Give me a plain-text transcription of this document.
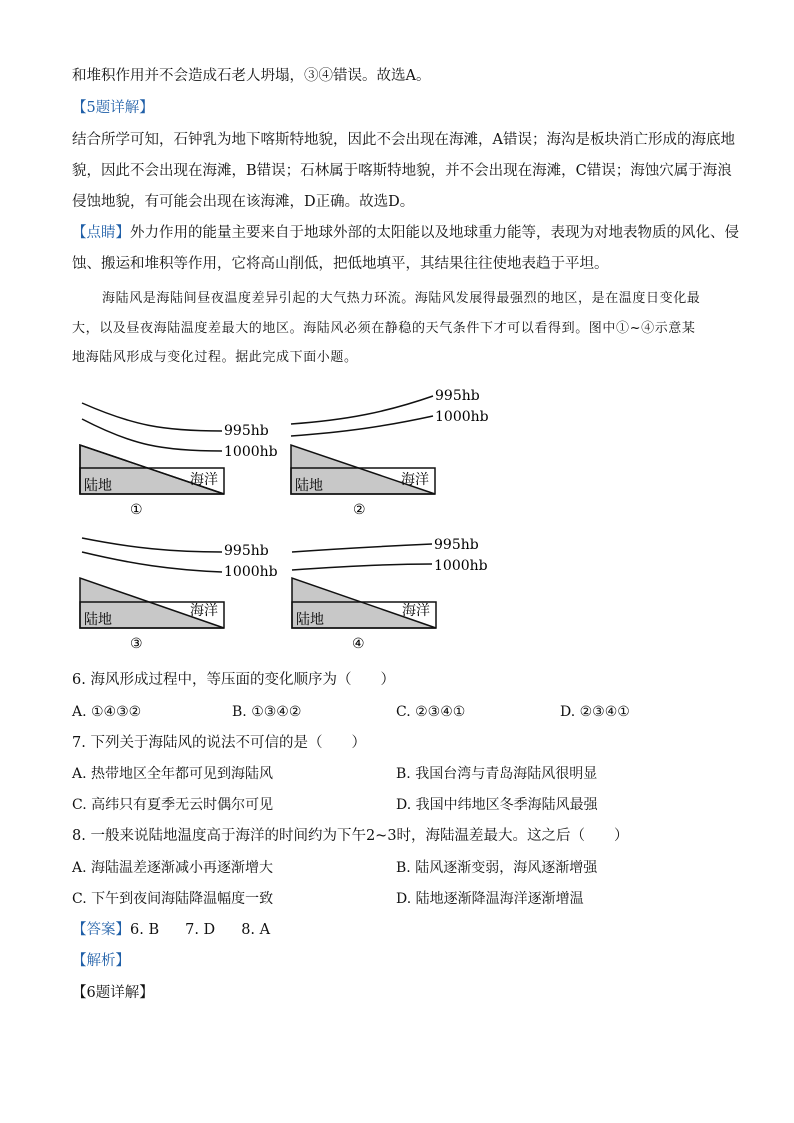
和堆积作用并不会造成石老人坍塌，③④错误。故选A。
【5题详解】
结合所学可知，石钟乳为地下喀斯特地貌，因此不会出现在海滩，A错误；海沟是板块消亡形成的海底地
貌，因此不会出现在海滩，B错误；石林属于喀斯特地貌，并不会出现在海滩，C错误；海蚀穴属于海浪
侵蚀地貌，有可能会出现在该海滩，D正确。故选D。
【点睛】外力作用的能量主要来自于地球外部的太阳能以及地球重力能等，表现为对地表物质的风化、侵
蚀、搬运和堆积等作用，它将高山削低，把低地填平，其结果往往使地表趋于平坦。
海陆风是海陆间昼夜温度差异引起的大气热力环流。海陆风发展得最强烈的地区，是在温度日变化最
大，以及昼夜海陆温度差最大的地区。海陆风必须在静稳的天气条件下才可以看得到。图中①~④示意某
地海陆风形成与变化过程。据此完成下面小题。
995hb
1000hb
陆地	海洋
①
995hb
1000hb
陆地	海洋
②
995hb
1000hb
陆地
海洋
③
995hb
1000hb
陆地
海洋
④
6. 海风形成过程中，等压面的变化顺序为（　　）
A. ①④③②	B. ①③④②	C. ②③④①	D. ②③④①
7. 下列关于海陆风的说法不可信的是（　　）
A. 热带地区全年都可见到海陆风	B. 我国台湾与青岛海陆风很明显
C. 高纬只有夏季无云时偶尔可见	D. 我国中纬地区冬季海陆风最强
8. 一般来说陆地温度高于海洋的时间约为下午2~3时，海陆温差最大。这之后（　　）
A. 海陆温差逐渐减小再逐渐增大	B. 陆风逐渐变弱，海风逐渐增强
C. 下午到夜间海陆降温幅度一致	D. 陆地逐渐降温海洋逐渐增温
【答案】6. B 7. D 8. A
【解析】
【6题详解】
